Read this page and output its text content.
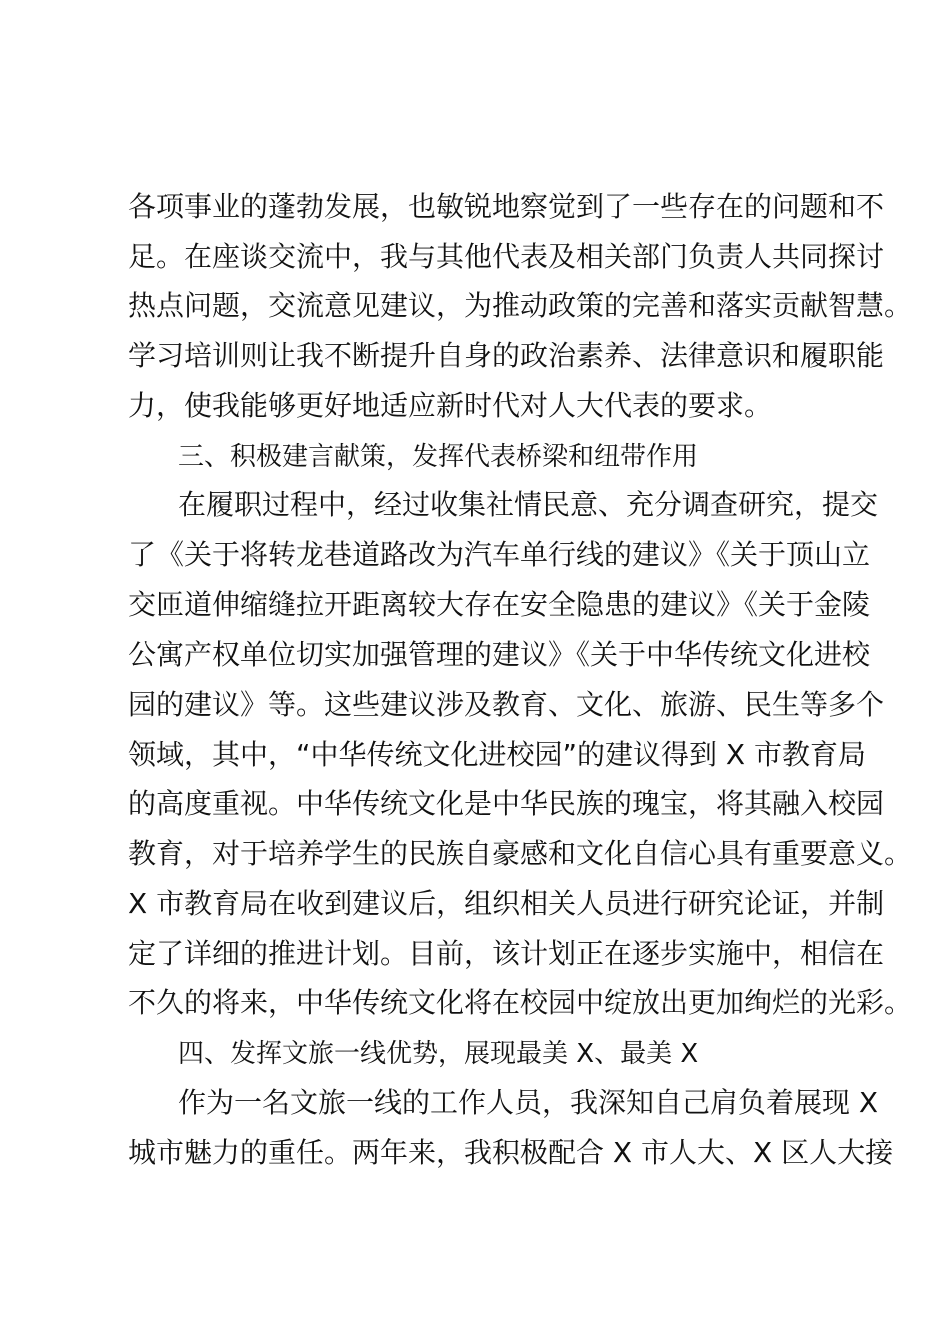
各项事业的蓬勃发展，也敏锐地察觉到了一些存在的问题和不
足。在座谈交流中，我与其他代表及相关部门负责人共同探讨
热点问题，交流意见建议，为推动政策的完善和落实贡献智慧。
学习培训则让我不断提升自身的政治素养、法律意识和履职能
力，使我能够更好地适应新时代对人大代表的要求。
三、积极建言献策，发挥代表桥梁和纽带作用
在履职过程中，经过收集社情民意、充分调查研究，提交
了《关于将转龙巷道路改为汽车单行线的建议》《关于顶山立
交匝道伸缩缝拉开距离较大存在安全隐患的建议》《关于金陵
公寓产权单位切实加强管理的建议》《关于中华传统文化进校
园的建议》等。这些建议涉及教育、文化、旅游、民生等多个
领域，其中，“中华传统文化进校园”的建议得到 X 市教育局
的高度重视。中华传统文化是中华民族的瑰宝，将其融入校园
教育，对于培养学生的民族自豪感和文化自信心具有重要意义。
X 市教育局在收到建议后，组织相关人员进行研究论证，并制
定了详细的推进计划。目前，该计划正在逐步实施中，相信在
不久的将来，中华传统文化将在校园中绽放出更加绚烂的光彩。
四、发挥文旅一线优势，展现最美 X、最美 X
作为一名文旅一线的工作人员，我深知自己肩负着展现 X
城市魅力的重任。两年来，我积极配合 X 市人大、X 区人大接
